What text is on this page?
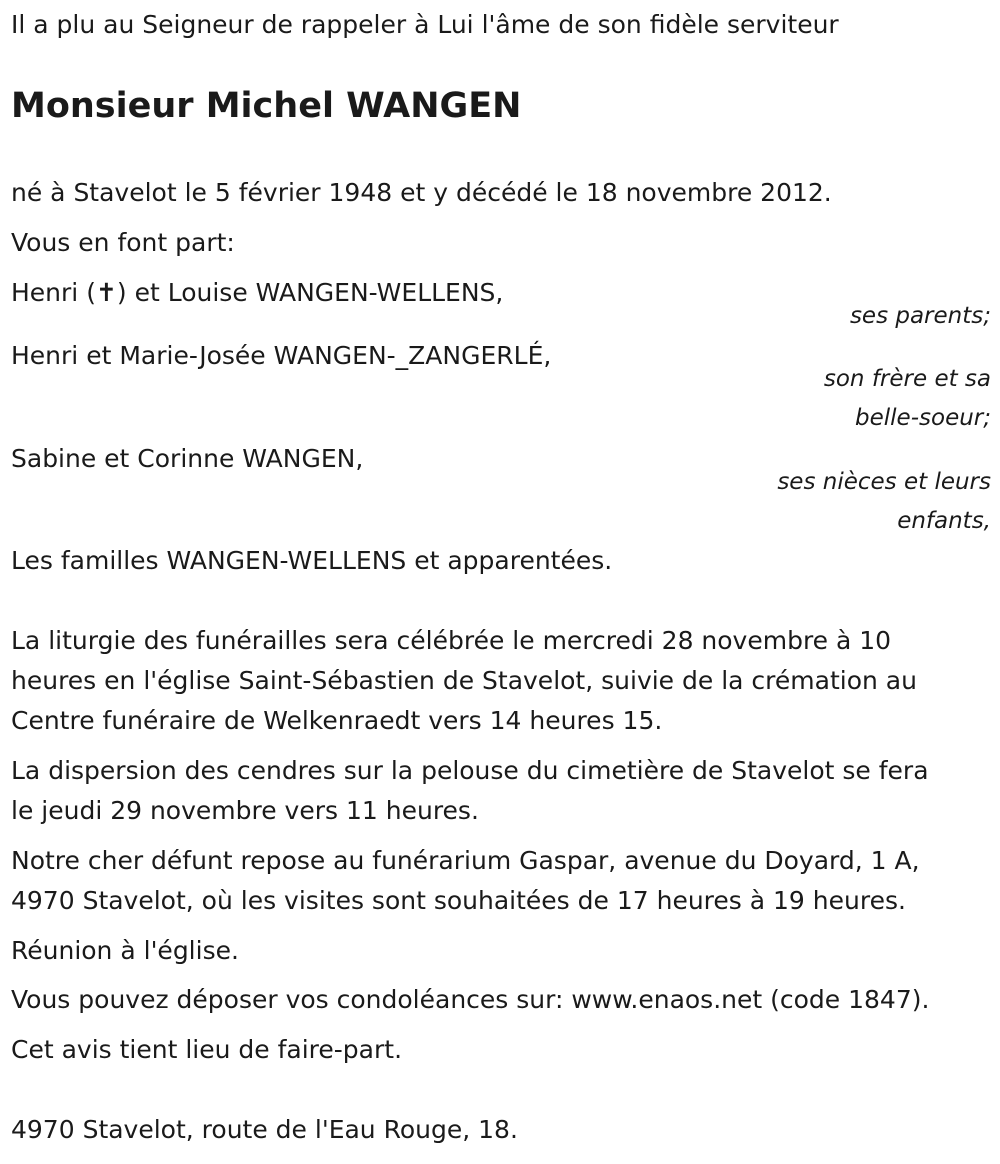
Il a plu au Seigneur de rappeler à Lui l'âme de son fidèle serviteur
Monsieur Michel WANGEN
né à Stavelot le 5 février 1948 et y décédé le 18 novembre 2012.
Vous en font part:
Henri (✝) et Louise WANGEN-WELLENS,
ses parents;
Henri et Marie-Josée WANGEN-_ZANGERLÉ,
son frère et sa
belle-soeur;
Sabine et Corinne WANGEN,
ses nièces et leurs
enfants,
Les familles WANGEN-WELLENS et apparentées.
La liturgie des funérailles sera célébrée le mercredi 28 novembre à 10
heures en l'église Saint-Sébastien de Stavelot, suivie de la crémation au
Centre funéraire de Welkenraedt vers 14 heures 15.
La dispersion des cendres sur la pelouse du cimetière de Stavelot se fera
le jeudi 29 novembre vers 11 heures.
Notre cher défunt repose au funérarium Gaspar, avenue du Doyard, 1 A,
4970 Stavelot, où les visites sont souhaitées de 17 heures à 19 heures.
Réunion à l'église.
Vous pouvez déposer vos condoléances sur: www.enaos.net (code 1847).
Cet avis tient lieu de faire-part.
4970 Stavelot, route de l'Eau Rouge, 18.
